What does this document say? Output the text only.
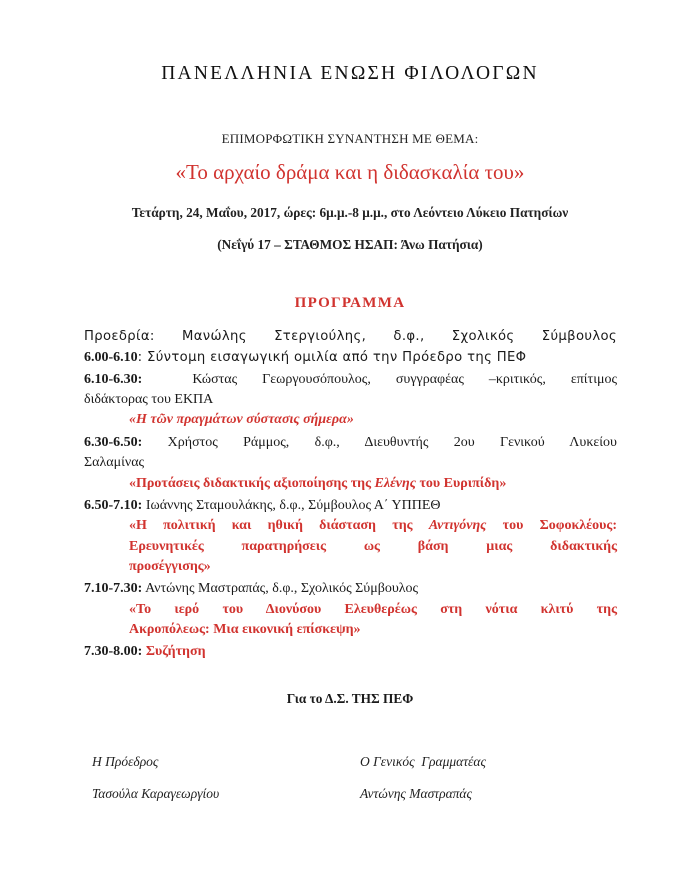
ΠΑΝΕΛΛΗΝΙΑ ΕΝΩΣΗ ΦΙΛΟΛΟΓΩΝ
ΕΠΙΜΟΡΦΩΤΙΚΗ ΣΥΝΑΝΤΗΣΗ ΜΕ ΘΕΜΑ:
«Το αρχαίο δράμα και η διδασκαλία του»
Τετάρτη, 24, Μαΐου, 2017, ώρες: 6μ.μ.-8 μ.μ., στο Λεόντειο Λύκειο Πατησίων
(Νεΐγύ 17 – ΣΤΑΘΜΟΣ ΗΣΑΠ: Άνω Πατήσια)
ΠΡΟΓΡΑΜΜΑ
Προεδρία: Μανώλης Στεργιούλης, δ.φ., Σχολικός Σύμβουλος
6.00-6.10: Σύντομη εισαγωγική ομιλία από την Πρόεδρο της ΠΕΦ
6.10-6.30:	Κώστας Γεωργουσόπουλος, συγγραφέας –κριτικός, επίτιμος
διδάκτορας του ΕΚΠΑ
«Η τῶν πραγμάτων σύστασις σήμερα»
6.30-6.50: Χρήστος Ράμμος, δ.φ., Διευθυντής 2ου Γενικού Λυκείου
Σαλαμίνας
«Προτάσεις διδακτικής αξιοποίησης της Ελένης του Ευριπίδη»
6.50-7.10: Ιωάννης Σταμουλάκης, δ.φ., Σύμβουλος Α΄ ΥΠΠΕΘ
«Η πολιτική και ηθική διάσταση της Αντιγόνης του Σοφοκλέους:
Ερευνητικές παρατηρήσεις ως βάση μιας διδακτικής
προσέγγισης»
7.10-7.30: Αντώνης Μαστραπάς, δ.φ., Σχολικός Σύμβουλος
«Το ιερό του Διονύσου Ελευθερέως στη νότια κλιτύ της
Ακροπόλεως: Μια εικονική επίσκεψη»
7.30-8.00: Συζήτηση
Για το Δ.Σ. ΤΗΣ ΠΕΦ
Η Πρόεδρος
Τασούλα Καραγεωργίου
Ο Γενικός  Γραμματέας
Αντώνης Μαστραπάς
